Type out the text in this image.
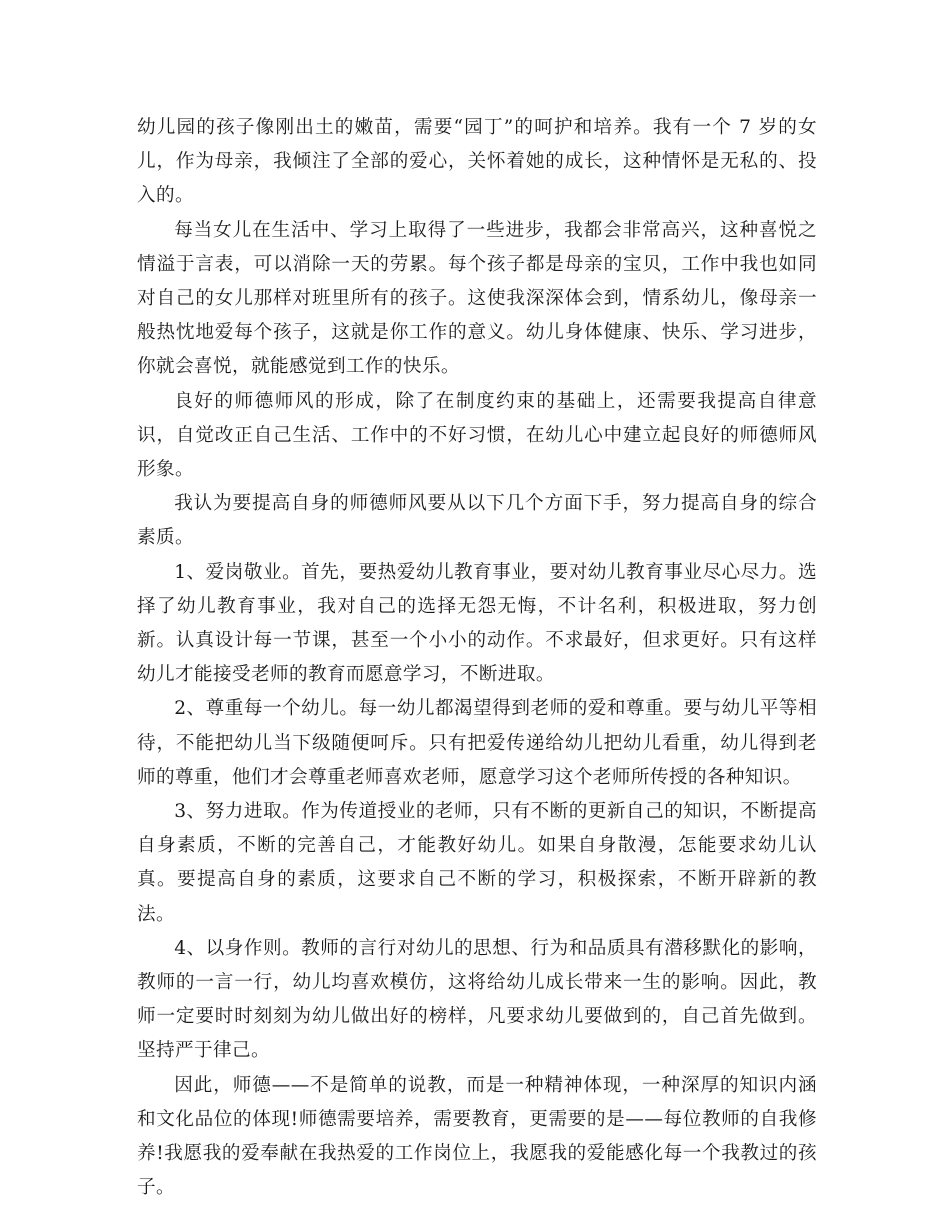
幼儿园的孩子像刚出土的嫩苗，需要“园丁”的呵护和培养。我有一个 7 岁的女儿，作为母亲，我倾注了全部的爱心，关怀着她的成长，这种情怀是无私的、投入的。

每当女儿在生活中、学习上取得了一些进步，我都会非常高兴，这种喜悦之情溢于言表，可以消除一天的劳累。每个孩子都是母亲的宝贝，工作中我也如同对自己的女儿那样对班里所有的孩子。这使我深深体会到，情系幼儿，像母亲一般热忱地爱每个孩子，这就是你工作的意义。幼儿身体健康、快乐、学习进步，你就会喜悦，就能感觉到工作的快乐。

良好的师德师风的形成，除了在制度约束的基础上，还需要我提高自律意识，自觉改正自己生活、工作中的不好习惯，在幼儿心中建立起良好的师德师风形象。

我认为要提高自身的师德师风要从以下几个方面下手，努力提高自身的综合素质。

1、爱岗敬业。首先，要热爱幼儿教育事业，要对幼儿教育事业尽心尽力。选择了幼儿教育事业，我对自己的选择无怨无悔，不计名利，积极进取，努力创新。认真设计每一节课，甚至一个小小的动作。不求最好，但求更好。只有这样幼儿才能接受老师的教育而愿意学习，不断进取。

2、尊重每一个幼儿。每一幼儿都渴望得到老师的爱和尊重。要与幼儿平等相待，不能把幼儿当下级随便呵斥。只有把爱传递给幼儿把幼儿看重，幼儿得到老师的尊重，他们才会尊重老师喜欢老师，愿意学习这个老师所传授的各种知识。

3、努力进取。作为传道授业的老师，只有不断的更新自己的知识，不断提高自身素质，不断的完善自己，才能教好幼儿。如果自身散漫，怎能要求幼儿认真。要提高自身的素质，这要求自己不断的学习，积极探索，不断开辟新的教法。

4、以身作则。教师的言行对幼儿的思想、行为和品质具有潜移默化的影响，教师的一言一行，幼儿均喜欢模仿，这将给幼儿成长带来一生的影响。因此，教师一定要时时刻刻为幼儿做出好的榜样，凡要求幼儿要做到的，自己首先做到。坚持严于律己。

因此，师德——不是简单的说教，而是一种精神体现，一种深厚的知识内涵和文化品位的体现!师德需要培养，需要教育，更需要的是——每位教师的自我修养!我愿我的爱奉献在我热爱的工作岗位上，我愿我的爱能感化每一个我教过的孩子。
